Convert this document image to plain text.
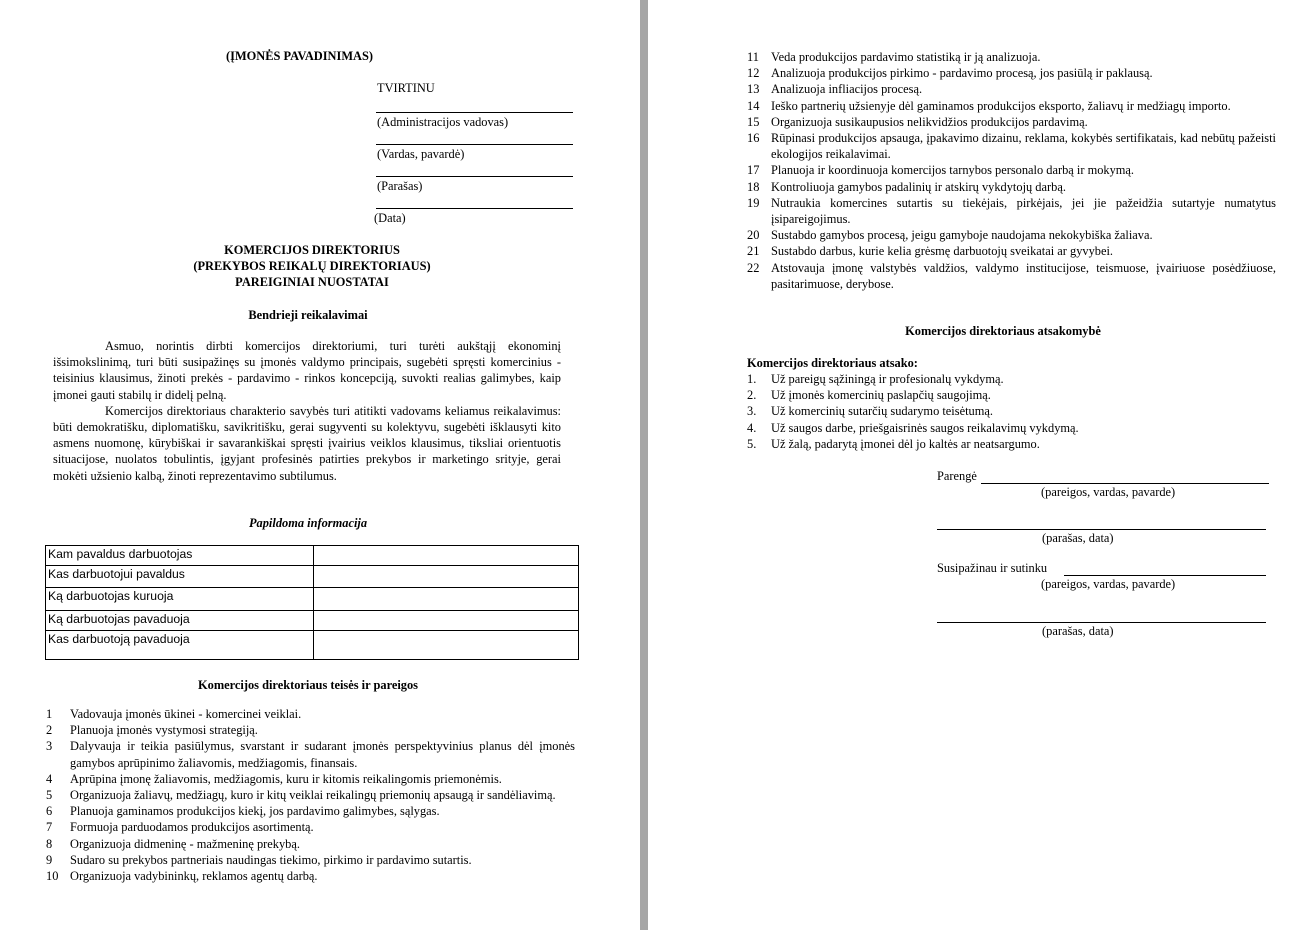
(ĮMONĖS PAVADINIMAS)
TVIRTINU
(Administracijos vadovas)
(Vardas, pavardė)
(Parašas)
(Data)
KOMERCIJOS DIREKTORIUS
(PREKYBOS REIKALŲ DIREKTORIAUS)
PAREIGINIAI NUOSTATAI
Bendrieji reikalavimai

Asmuo, norintis dirbti komercijos direktoriumi, turi turėti aukštąjį ekonominį išsimokslinimą, turi būti susipažinęs su įmonės valdymo principais, sugebėti spręsti komercinius - teisinius klausimus, žinoti prekės - pardavimo - rinkos koncepciją, suvokti realias galimybes, kaip įmonei gauti stabilų ir didelį pelną.

Komercijos direktoriaus charakterio savybės turi atitikti vadovams keliamus reikalavimus: būti demokratišku, diplomatišku, savikritišku, gerai sugyventi su kolektyvu, sugebėti išklausyti kito asmens nuomonę, kūrybiškai ir savarankiškai spręsti įvairius veiklos klausimus, tiksliai orientuotis situacijose, nuolatos tobulintis, įgyjant profesinės patirties prekybos ir marketingo srityje, gerai mokėti užsienio kalbą, žinoti reprezentavimo subtilumus.

Papildoma informacija
Kam pavaldus darbuotojas	
Kas darbuotojui pavaldus	
Ką darbuotojas kuruoja	
Ką darbuotojas pavaduoja	
Kas darbuotoją pavaduoja	
Komercijos direktoriaus teisės ir pareigos
1 Vadovauja įmonės ūkinei - komercinei veiklai.
2 Planuoja įmonės vystymosi strategiją.
3 Dalyvauja ir teikia pasiūlymus, svarstant ir sudarant įmonės perspektyvinius planus dėl įmonės gamybos aprūpinimo žaliavomis, medžiagomis, finansais.
4 Aprūpina įmonę žaliavomis, medžiagomis, kuru ir kitomis reikalingomis priemonėmis.
5 Organizuoja žaliavų, medžiagų, kuro ir kitų veiklai reikalingų priemonių apsaugą ir sandėliavimą.
6 Planuoja gaminamos produkcijos kiekį, jos pardavimo galimybes, sąlygas.
7 Formuoja parduodamos produkcijos asortimentą.
8 Organizuoja didmeninę - mažmeninę prekybą.
9 Sudaro su prekybos partneriais naudingas tiekimo, pirkimo ir pardavimo sutartis.
10 Organizuoja vadybininkų, reklamos agentų darbą.
11 Veda produkcijos pardavimo statistiką ir ją analizuoja.
12 Analizuoja produkcijos pirkimo - pardavimo procesą, jos pasiūlą ir paklausą.
13 Analizuoja infliacijos procesą.
14 Ieško partnerių užsienyje dėl gaminamos produkcijos eksporto, žaliavų ir medžiagų importo.
15 Organizuoja susikaupusios nelikvidžios produkcijos pardavimą.
16 Rūpinasi produkcijos apsauga, įpakavimo dizainu, reklama, kokybės sertifikatais, kad nebūtų pažeisti ekologijos reikalavimai.
17 Planuoja ir koordinuoja komercijos tarnybos personalo darbą ir mokymą.
18 Kontroliuoja gamybos padalinių ir atskirų vykdytojų darbą.
19 Nutraukia komercines sutartis su tiekėjais, pirkėjais, jei jie pažeidžia sutartyje numatytus įsipareigojimus.
20 Sustabdo gamybos procesą, jeigu gamyboje naudojama nekokybiška žaliava.
21 Sustabdo darbus, kurie kelia grėsmę darbuotojų sveikatai ar gyvybei.
22 Atstovauja įmonę valstybės valdžios, valdymo institucijose, teismuose, įvairiuose posėdžiuose, pasitarimuose, derybose.
Komercijos direktoriaus atsakomybė
Komercijos direktoriaus atsako:
1. Už pareigų sąžiningą ir profesionalų vykdymą.
2. Už įmonės komercinių paslapčių saugojimą.
3. Už komercinių sutarčių sudarymo teisėtumą.
4. Už saugos darbe, priešgaisrinės saugos reikalavimų vykdymą.
5. Už žalą, padarytą įmonei dėl jo kaltės ar neatsargumo.
Parengė
(pareigos, vardas, pavarde)
(parašas, data)
Susipažinau ir sutinku
(pareigos, vardas, pavarde)
(parašas, data)
